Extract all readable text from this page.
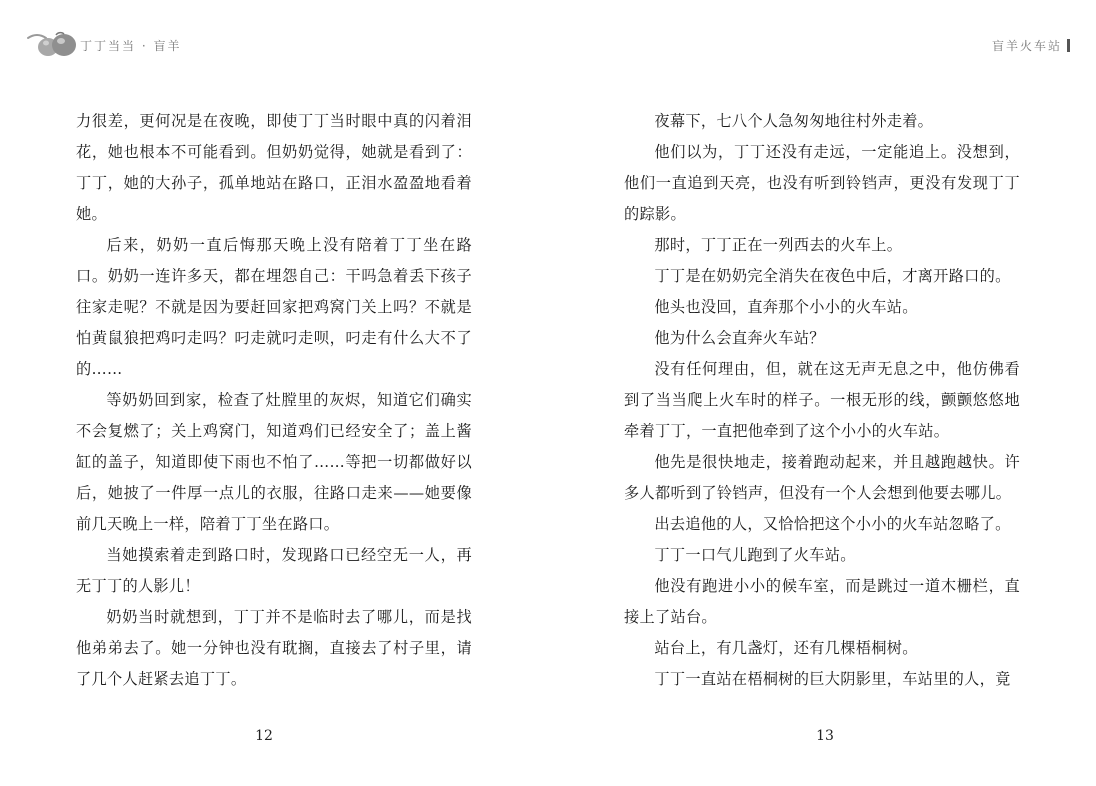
丁丁当当 · 盲羊

力很差，更何况是在夜晚，即使丁丁当时眼中真的闪着泪花，她也根本不可能看到。但奶奶觉得，她就是看到了：丁丁，她的大孙子，孤单地站在路口，正泪水盈盈地看着她。

后来，奶奶一直后悔那天晚上没有陪着丁丁坐在路口。奶奶一连许多天，都在埋怨自己：干吗急着丢下孩子往家走呢？不就是因为要赶回家把鸡窝门关上吗？不就是怕黄鼠狼把鸡叼走吗？叼走就叼走呗，叼走有什么大不了的……

等奶奶回到家，检查了灶膛里的灰烬，知道它们确实不会复燃了；关上鸡窝门，知道鸡们已经安全了；盖上酱缸的盖子，知道即使下雨也不怕了……等把一切都做好以后，她披了一件厚一点儿的衣服，往路口走来——她要像前几天晚上一样，陪着丁丁坐在路口。

当她摸索着走到路口时，发现路口已经空无一人，再无丁丁的人影儿！

奶奶当时就想到，丁丁并不是临时去了哪儿，而是找他弟弟去了。她一分钟也没有耽搁，直接去了村子里，请了几个人赶紧去追丁丁。

12
盲羊火车站

夜幕下，七八个人急匆匆地往村外走着。

他们以为，丁丁还没有走远，一定能追上。没想到，他们一直追到天亮，也没有听到铃铛声，更没有发现丁丁的踪影。

那时，丁丁正在一列西去的火车上。

丁丁是在奶奶完全消失在夜色中后，才离开路口的。

他头也没回，直奔那个小小的火车站。

他为什么会直奔火车站？

没有任何理由，但，就在这无声无息之中，他仿佛看到了当当爬上火车时的样子。一根无形的线，颤颤悠悠地牵着丁丁，一直把他牵到了这个小小的火车站。

他先是很快地走，接着跑动起来，并且越跑越快。许多人都听到了铃铛声，但没有一个人会想到他要去哪儿。

出去追他的人，又恰恰把这个小小的火车站忽略了。

丁丁一口气儿跑到了火车站。

他没有跑进小小的候车室，而是跳过一道木栅栏，直接上了站台。

站台上，有几盏灯，还有几棵梧桐树。

丁丁一直站在梧桐树的巨大阴影里，车站里的人，竟

13
